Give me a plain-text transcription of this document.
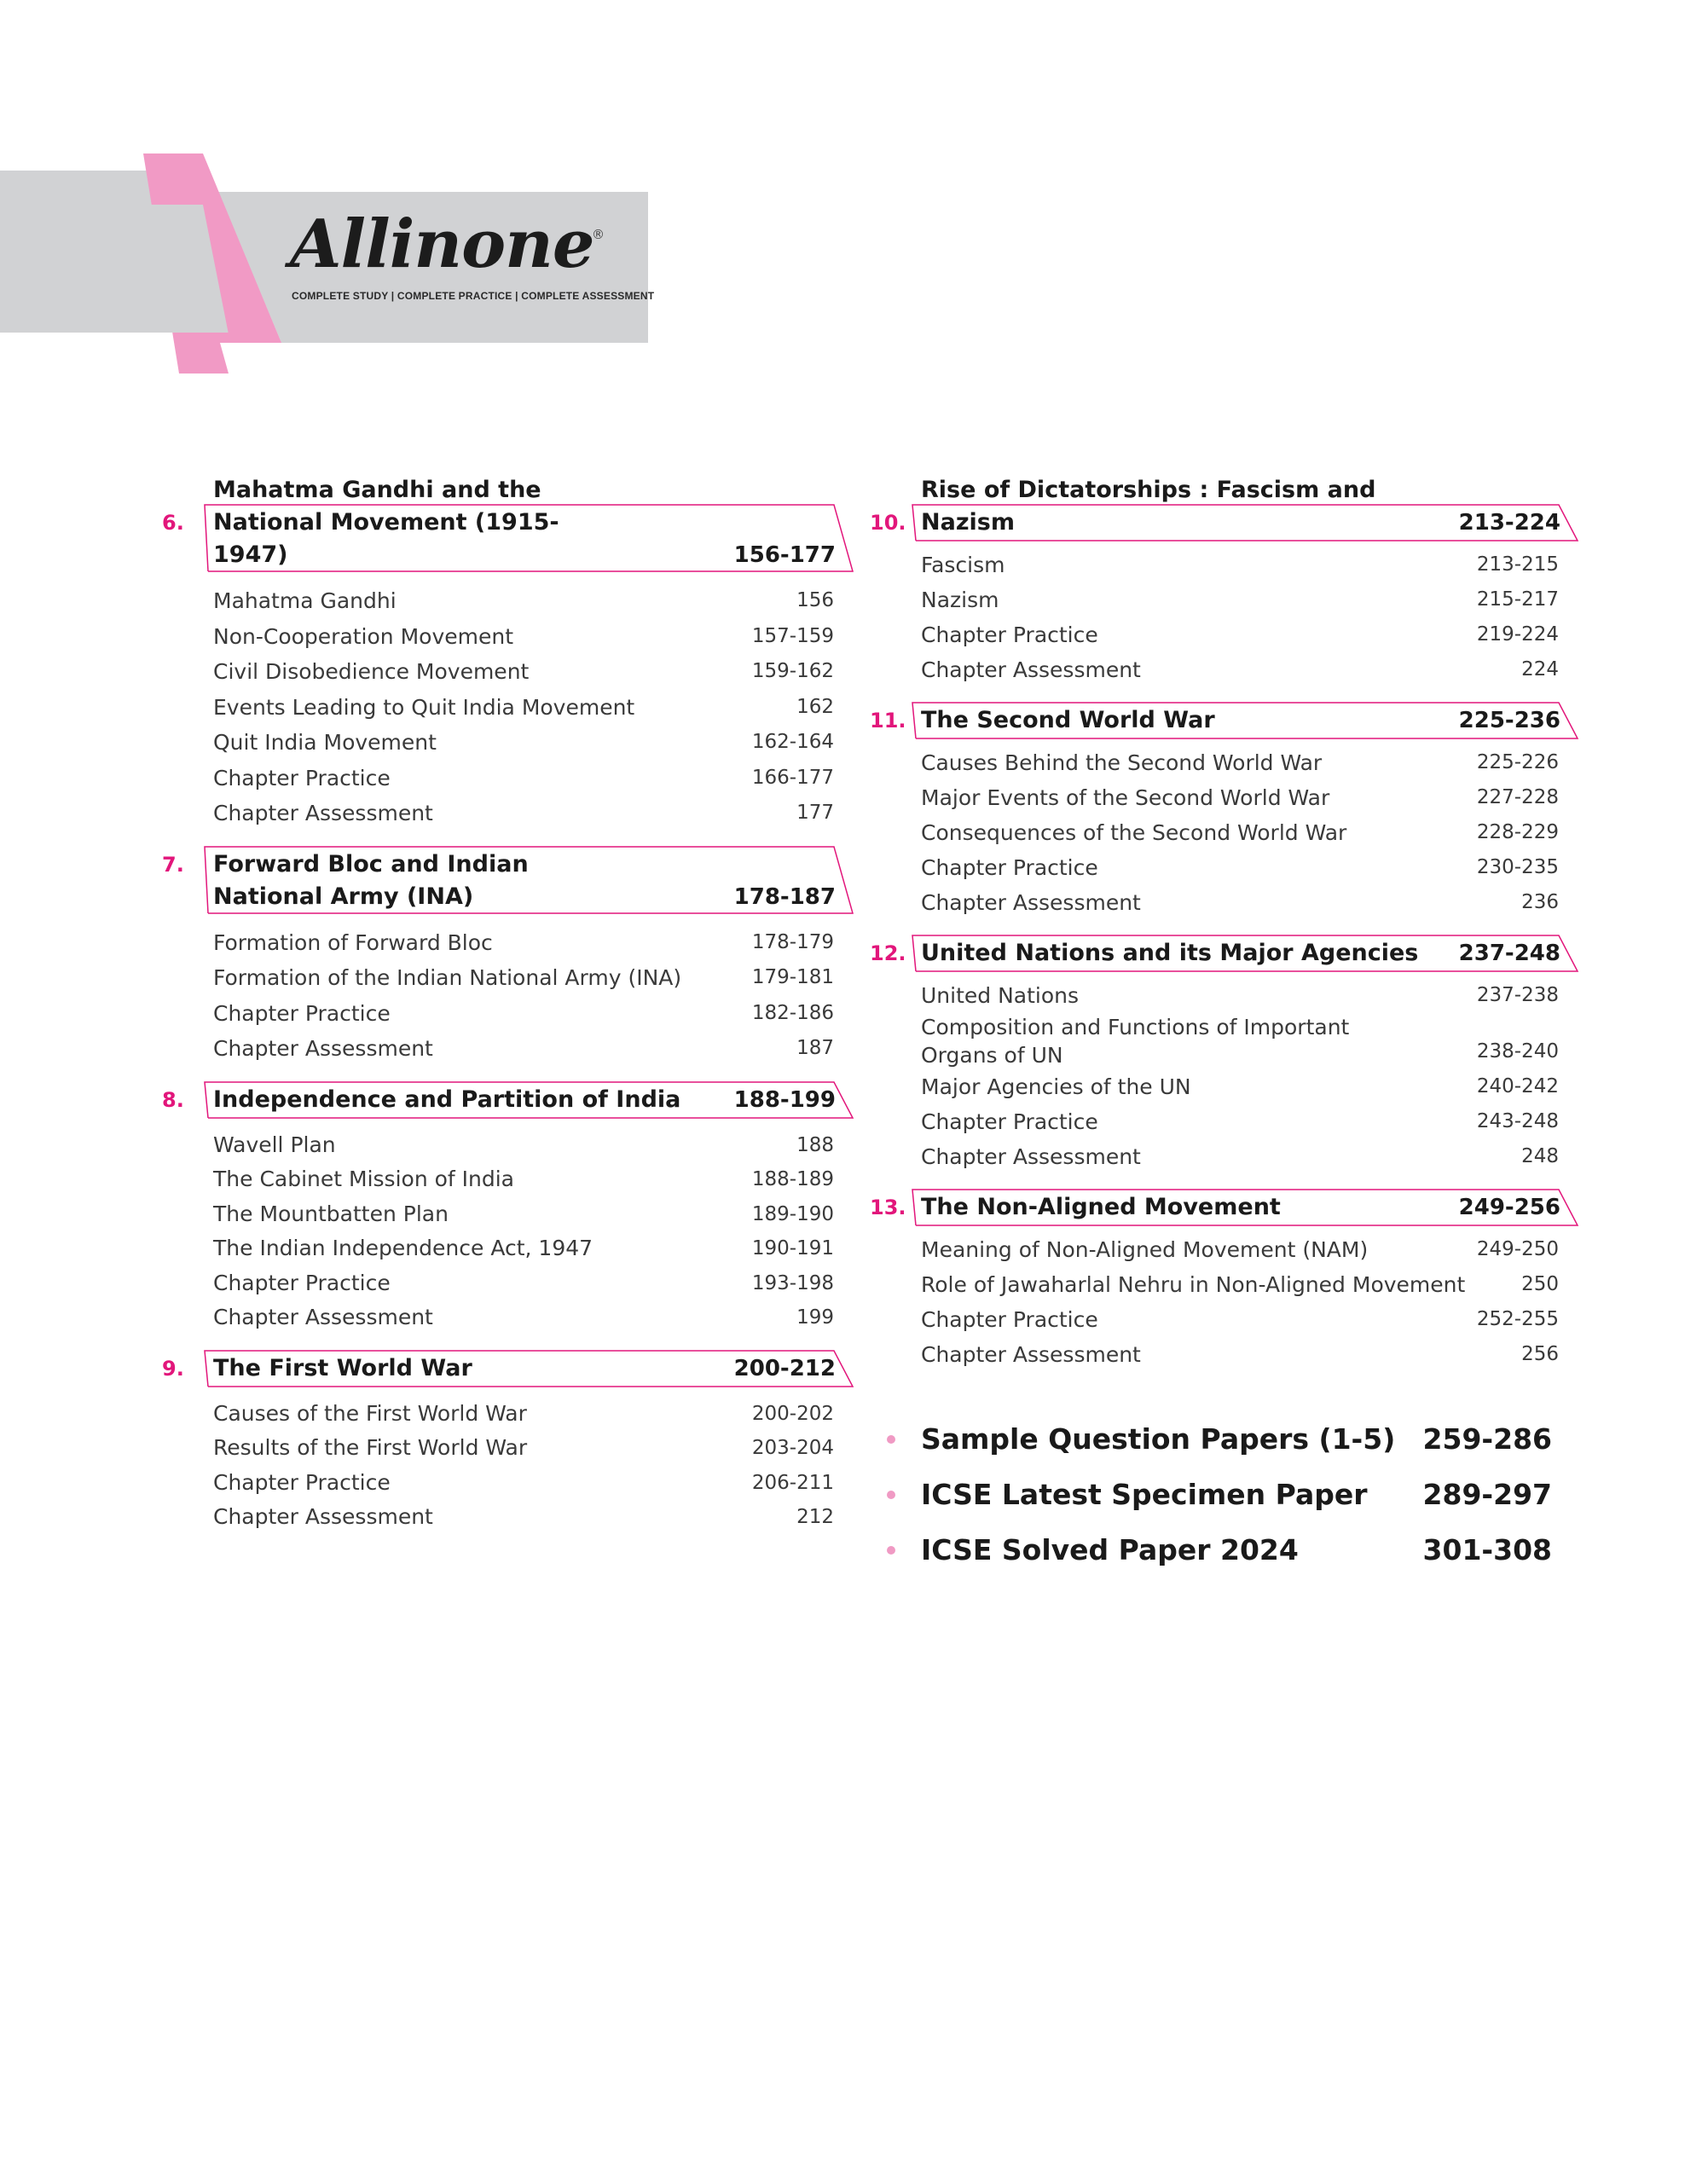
Allinone
®
COMPLETE STUDY | COMPLETE PRACTICE | COMPLETE ASSESSMENT
6.
Mahatma Gandhi and the National Movement (1915-1947)	156-177
Mahatma Gandhi	156
Non-Cooperation Movement	157-159
Civil Disobedience Movement	159-162
Events Leading to Quit India Movement	162
Quit India Movement	162-164
Chapter Practice	166-177
Chapter Assessment	177
7. Forward Bloc and Indian National Army (INA)	178-187
Formation of Forward Bloc	178-179
Formation of the Indian National Army (INA)	179-181
Chapter Practice	182-186
Chapter Assessment	187
8. Independence and Partition of India	188-199
Wavell Plan	188
The Cabinet Mission of India	188-189
The Mountbatten Plan	189-190
The Indian Independence Act, 1947	190-191
Chapter Practice	193-198
Chapter Assessment	199
9. The First World War	200-212
Causes of the First World War	200-202
Results of the First World War	203-204
Chapter Practice	206-211
Chapter Assessment	212
10.
Rise of Dictatorships : Fascism and Nazism	213-224
Fascism	213-215
Nazism	215-217
Chapter Practice	219-224
Chapter Assessment	224
11. The Second World War	225-236
Causes Behind the Second World War	225-226
Major Events of the Second World War	227-228
Consequences of the Second World War	228-229
Chapter Practice	230-235
Chapter Assessment	236
12. United Nations and its Major Agencies	237-248
United Nations	237-238
Composition and Functions of Important Organs of UN	238-240
Major Agencies of the UN	240-242
Chapter Practice	243-248
Chapter Assessment	248
13. The Non-Aligned Movement	249-256
Meaning of Non-Aligned Movement (NAM)	249-250
Role of Jawaharlal Nehru in Non-Aligned Movement	250
Chapter Practice	252-255
Chapter Assessment	256
Sample Question Papers (1-5) 259-286
ICSE Latest Specimen Paper	289-297
ICSE Solved Paper 2024	301-308
